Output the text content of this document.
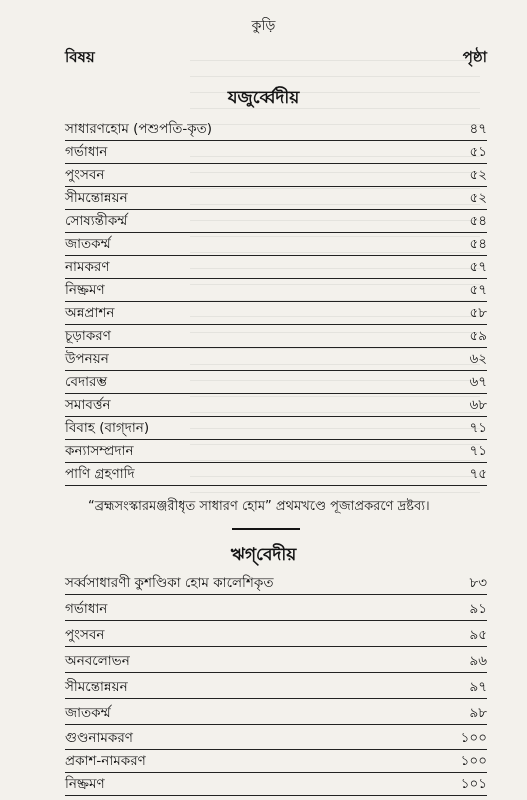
কুড়ি
বিষয়	পৃষ্ঠা
যজুর্ব্বেদীয়
সাধারণহোম (পশুপতি-কৃত)	৪৭
গর্ভাধান	৫১
পুংসবন	৫২
সীমন্তোন্নয়ন	৫২
সোষ্যন্তীকর্ম্ম	৫৪
জাতকর্ম্ম	৫৪
নামকরণ	৫৭
নিষ্ক্রমণ	৫৭
অন্নপ্রাশন	৫৮
চূড়াকরণ	৫৯
উপনয়ন	৬২
বেদারম্ভ	৬৭
সমাবর্ত্তন	৬৮
বিবাহ (বাগ্‌দান)	৭১
কন্যাসম্প্রদান	৭১
পাণি গ্রহণাদি	৭৫
“ব্রহ্মসংস্কারমঞ্জরীধৃত সাধারণ হোম” প্রথমখণ্ডে পূজাপ্রকরণে দ্রষ্টব্য।
ঋগ্‌বেদীয়
সর্ব্বসাধারণী কুশণ্ডিকা হোম কালেশিকৃত	৮৩
গর্ভাধান	৯১
পুংসবন	৯৫
অনবলোভন	৯৬
সীমন্তোন্নয়ন	৯৭
জাতকর্ম্ম	৯৮
গুণ্ডনামকরণ	১০০
প্রকাশ-নামকরণ	১০০
নিষ্ক্রমণ	১০১
